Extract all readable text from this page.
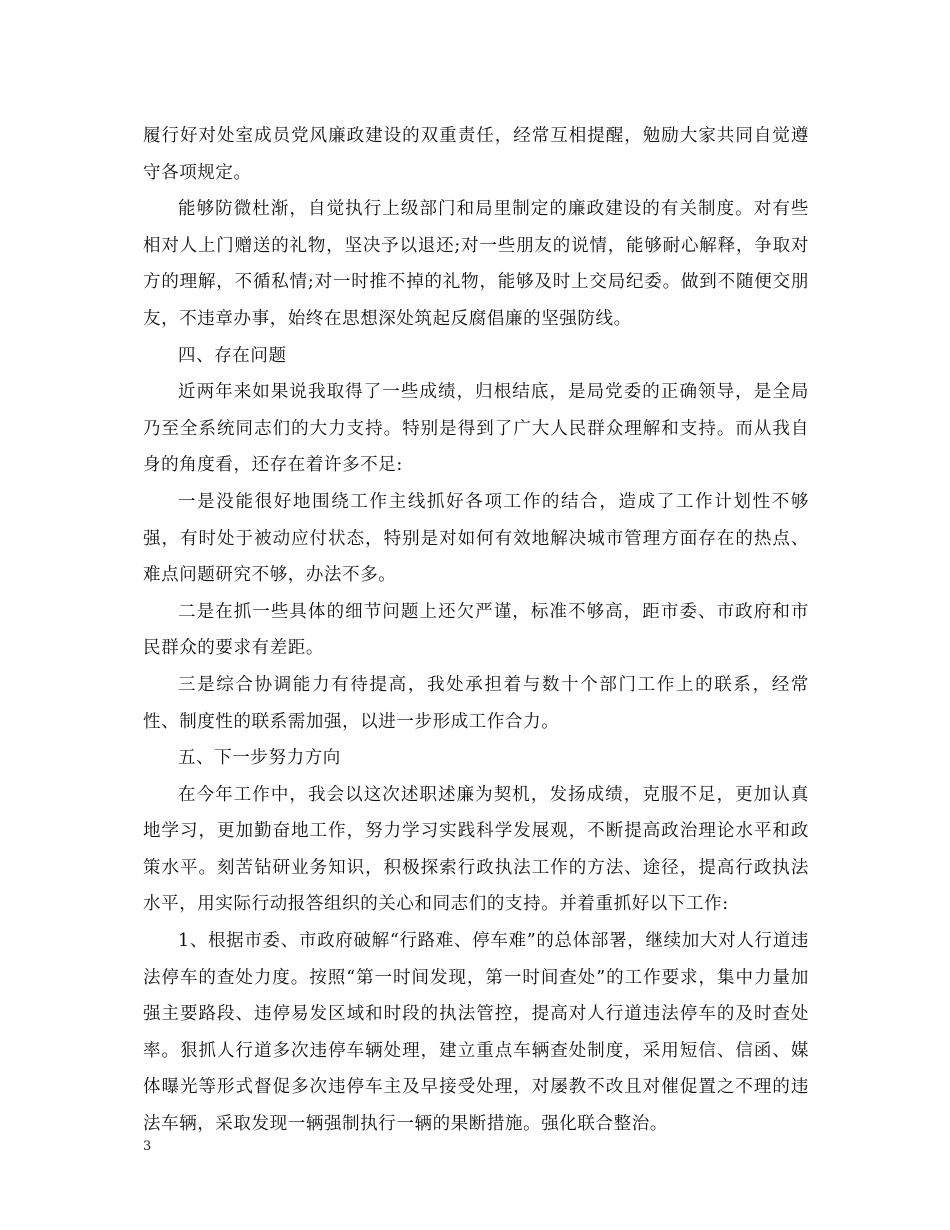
履行好对处室成员党风廉政建设的双重责任，经常互相提醒，勉励大家共同自觉遵守各项规定。

能够防微杜渐，自觉执行上级部门和局里制定的廉政建设的有关制度。对有些相对人上门赠送的礼物，坚决予以退还;对一些朋友的说情，能够耐心解释，争取对方的理解，不循私情;对一时推不掉的礼物，能够及时上交局纪委。做到不随便交朋友，不违章办事，始终在思想深处筑起反腐倡廉的坚强防线。

四、存在问题

近两年来如果说我取得了一些成绩，归根结底，是局党委的正确领导，是全局乃至全系统同志们的大力支持。特别是得到了广大人民群众理解和支持。而从我自身的角度看，还存在着许多不足:

一是没能很好地围绕工作主线抓好各项工作的结合，造成了工作计划性不够强，有时处于被动应付状态，特别是对如何有效地解决城市管理方面存在的热点、难点问题研究不够，办法不多。

二是在抓一些具体的细节问题上还欠严谨，标准不够高，距市委、市政府和市民群众的要求有差距。

三是综合协调能力有待提高，我处承担着与数十个部门工作上的联系，经常性、制度性的联系需加强，以进一步形成工作合力。

五、下一步努力方向

在今年工作中，我会以这次述职述廉为契机，发扬成绩，克服不足，更加认真地学习，更加勤奋地工作，努力学习实践科学发展观，不断提高政治理论水平和政策水平。刻苦钻研业务知识，积极探索行政执法工作的方法、途径，提高行政执法水平，用实际行动报答组织的关心和同志们的支持。并着重抓好以下工作:

1、根据市委、市政府破解“行路难、停车难”的总体部署，继续加大对人行道违法停车的查处力度。按照“第一时间发现，第一时间查处”的工作要求，集中力量加强主要路段、违停易发区域和时段的执法管控，提高对人行道违法停车的及时查处率。狠抓人行道多次违停车辆处理，建立重点车辆查处制度，采用短信、信函、媒体曝光等形式督促多次违停车主及早接受处理，对屡教不改且对催促置之不理的违法车辆，采取发现一辆强制执行一辆的果断措施。强化联合整治。

3
